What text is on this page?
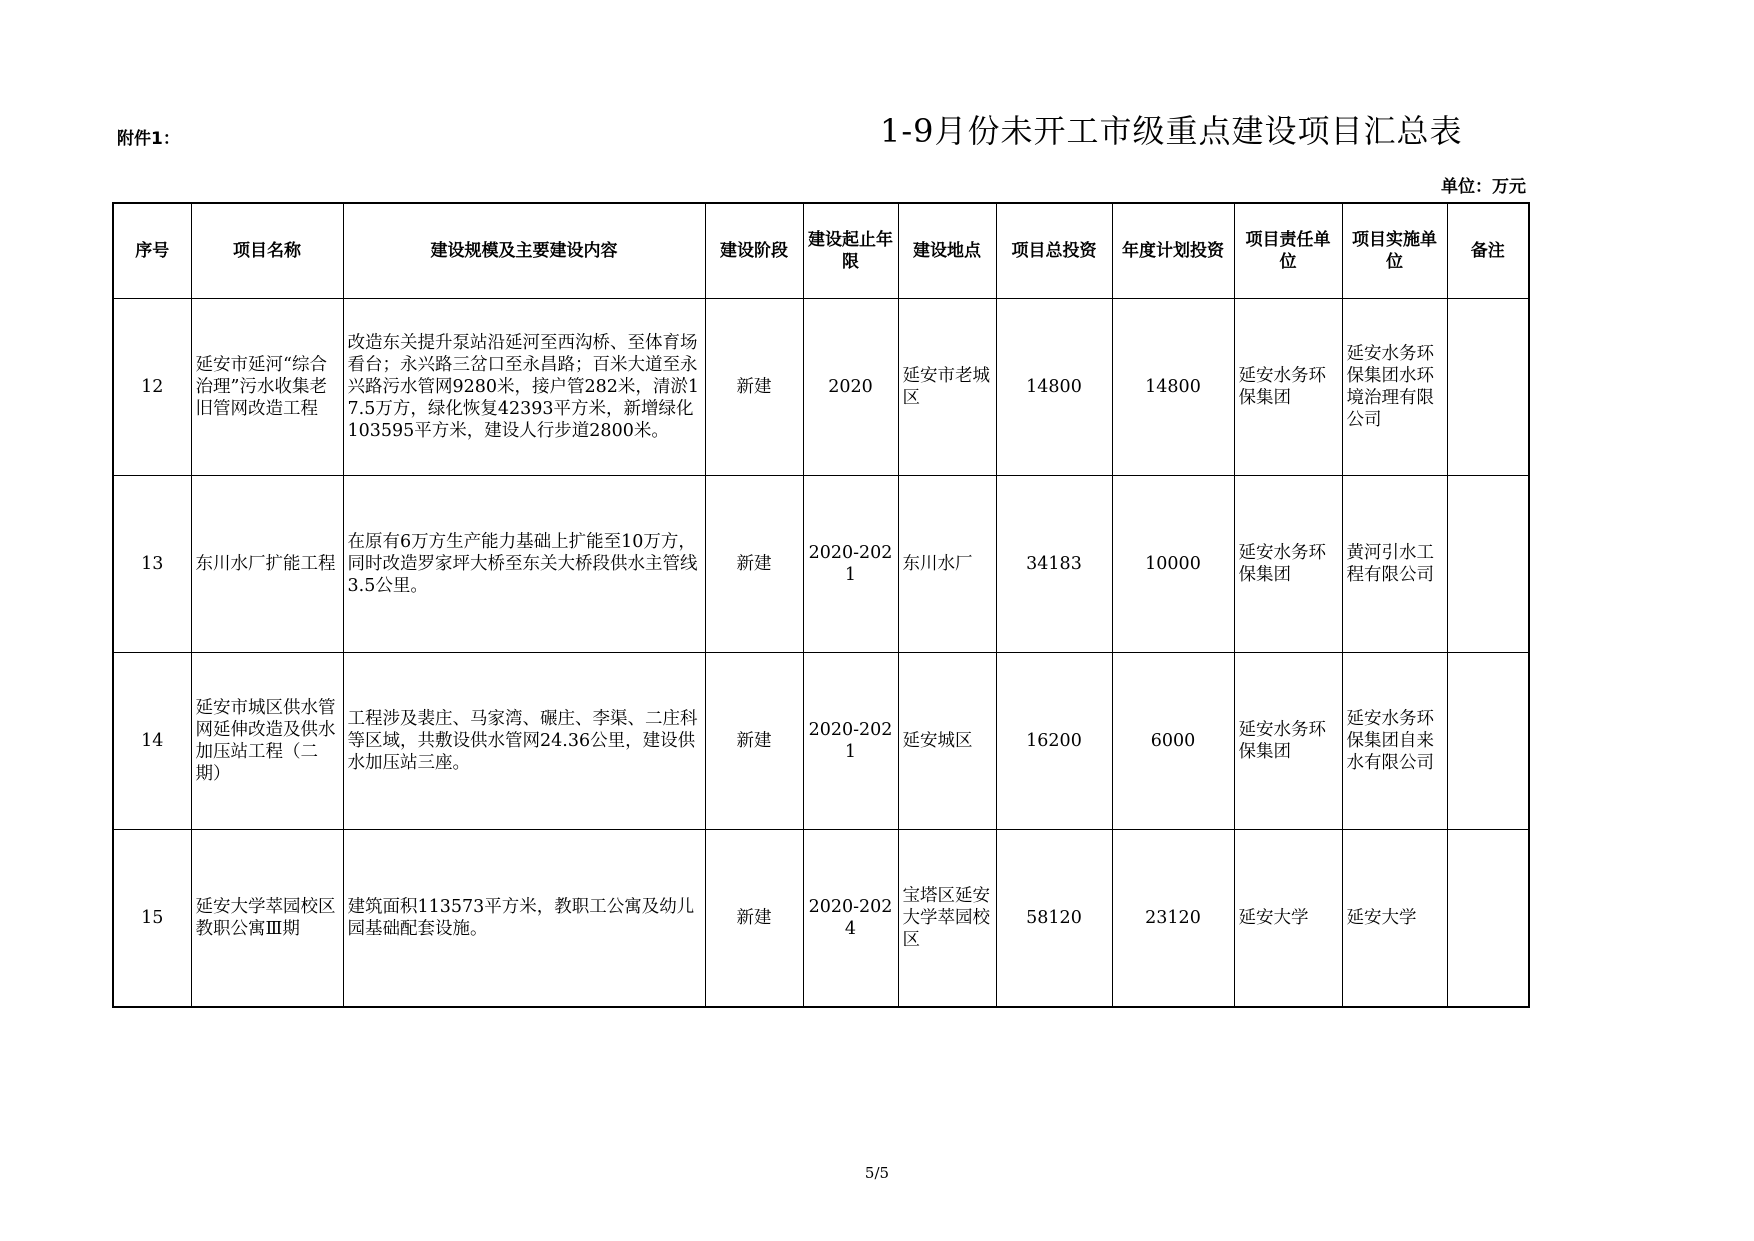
附件1：	1-9月份未开工市级重点建设项目汇总表
单位：万元
序号	项目名称	建设规模及主要建设内容	建设阶段	建设起止年限	建设地点	项目总投资	年度计划投资	项目责任单位	项目实施单位	备注
12	延安市延河“综合治理”污水收集老旧管网改造工程	改造东关提升泵站沿延河至西沟桥、至体育场看台；永兴路三岔口至永昌路；百米大道至永兴路污水管网9280米，接户管282米，清淤17.5万方，绿化恢复42393平方米，新增绿化103595平方米，建设人行步道2800米。	新建	2020	延安市老城区	14800	14800	延安水务环保集团	延安水务环保集团水环境治理有限公司	
13	东川水厂扩能工程	在原有6万方生产能力基础上扩能至10万方，同时改造罗家坪大桥至东关大桥段供水主管线3.5公里。	新建	2020-2021	东川水厂	34183	10000	延安水务环保集团	黄河引水工程有限公司	
14	延安市城区供水管网延伸改造及供水加压站工程（二期）	工程涉及裴庄、马家湾、碾庄、李渠、二庄科等区域，共敷设供水管网24.36公里，建设供水加压站三座。	新建	2020-2021	延安城区	16200	6000	延安水务环保集团	延安水务环保集团自来水有限公司	
15	延安大学萃园校区教职公寓Ⅲ期	建筑面积113573平方米，教职工公寓及幼儿园基础配套设施。	新建	2020-2024	宝塔区延安大学萃园校区	58120	23120	延安大学	延安大学	
5/5
